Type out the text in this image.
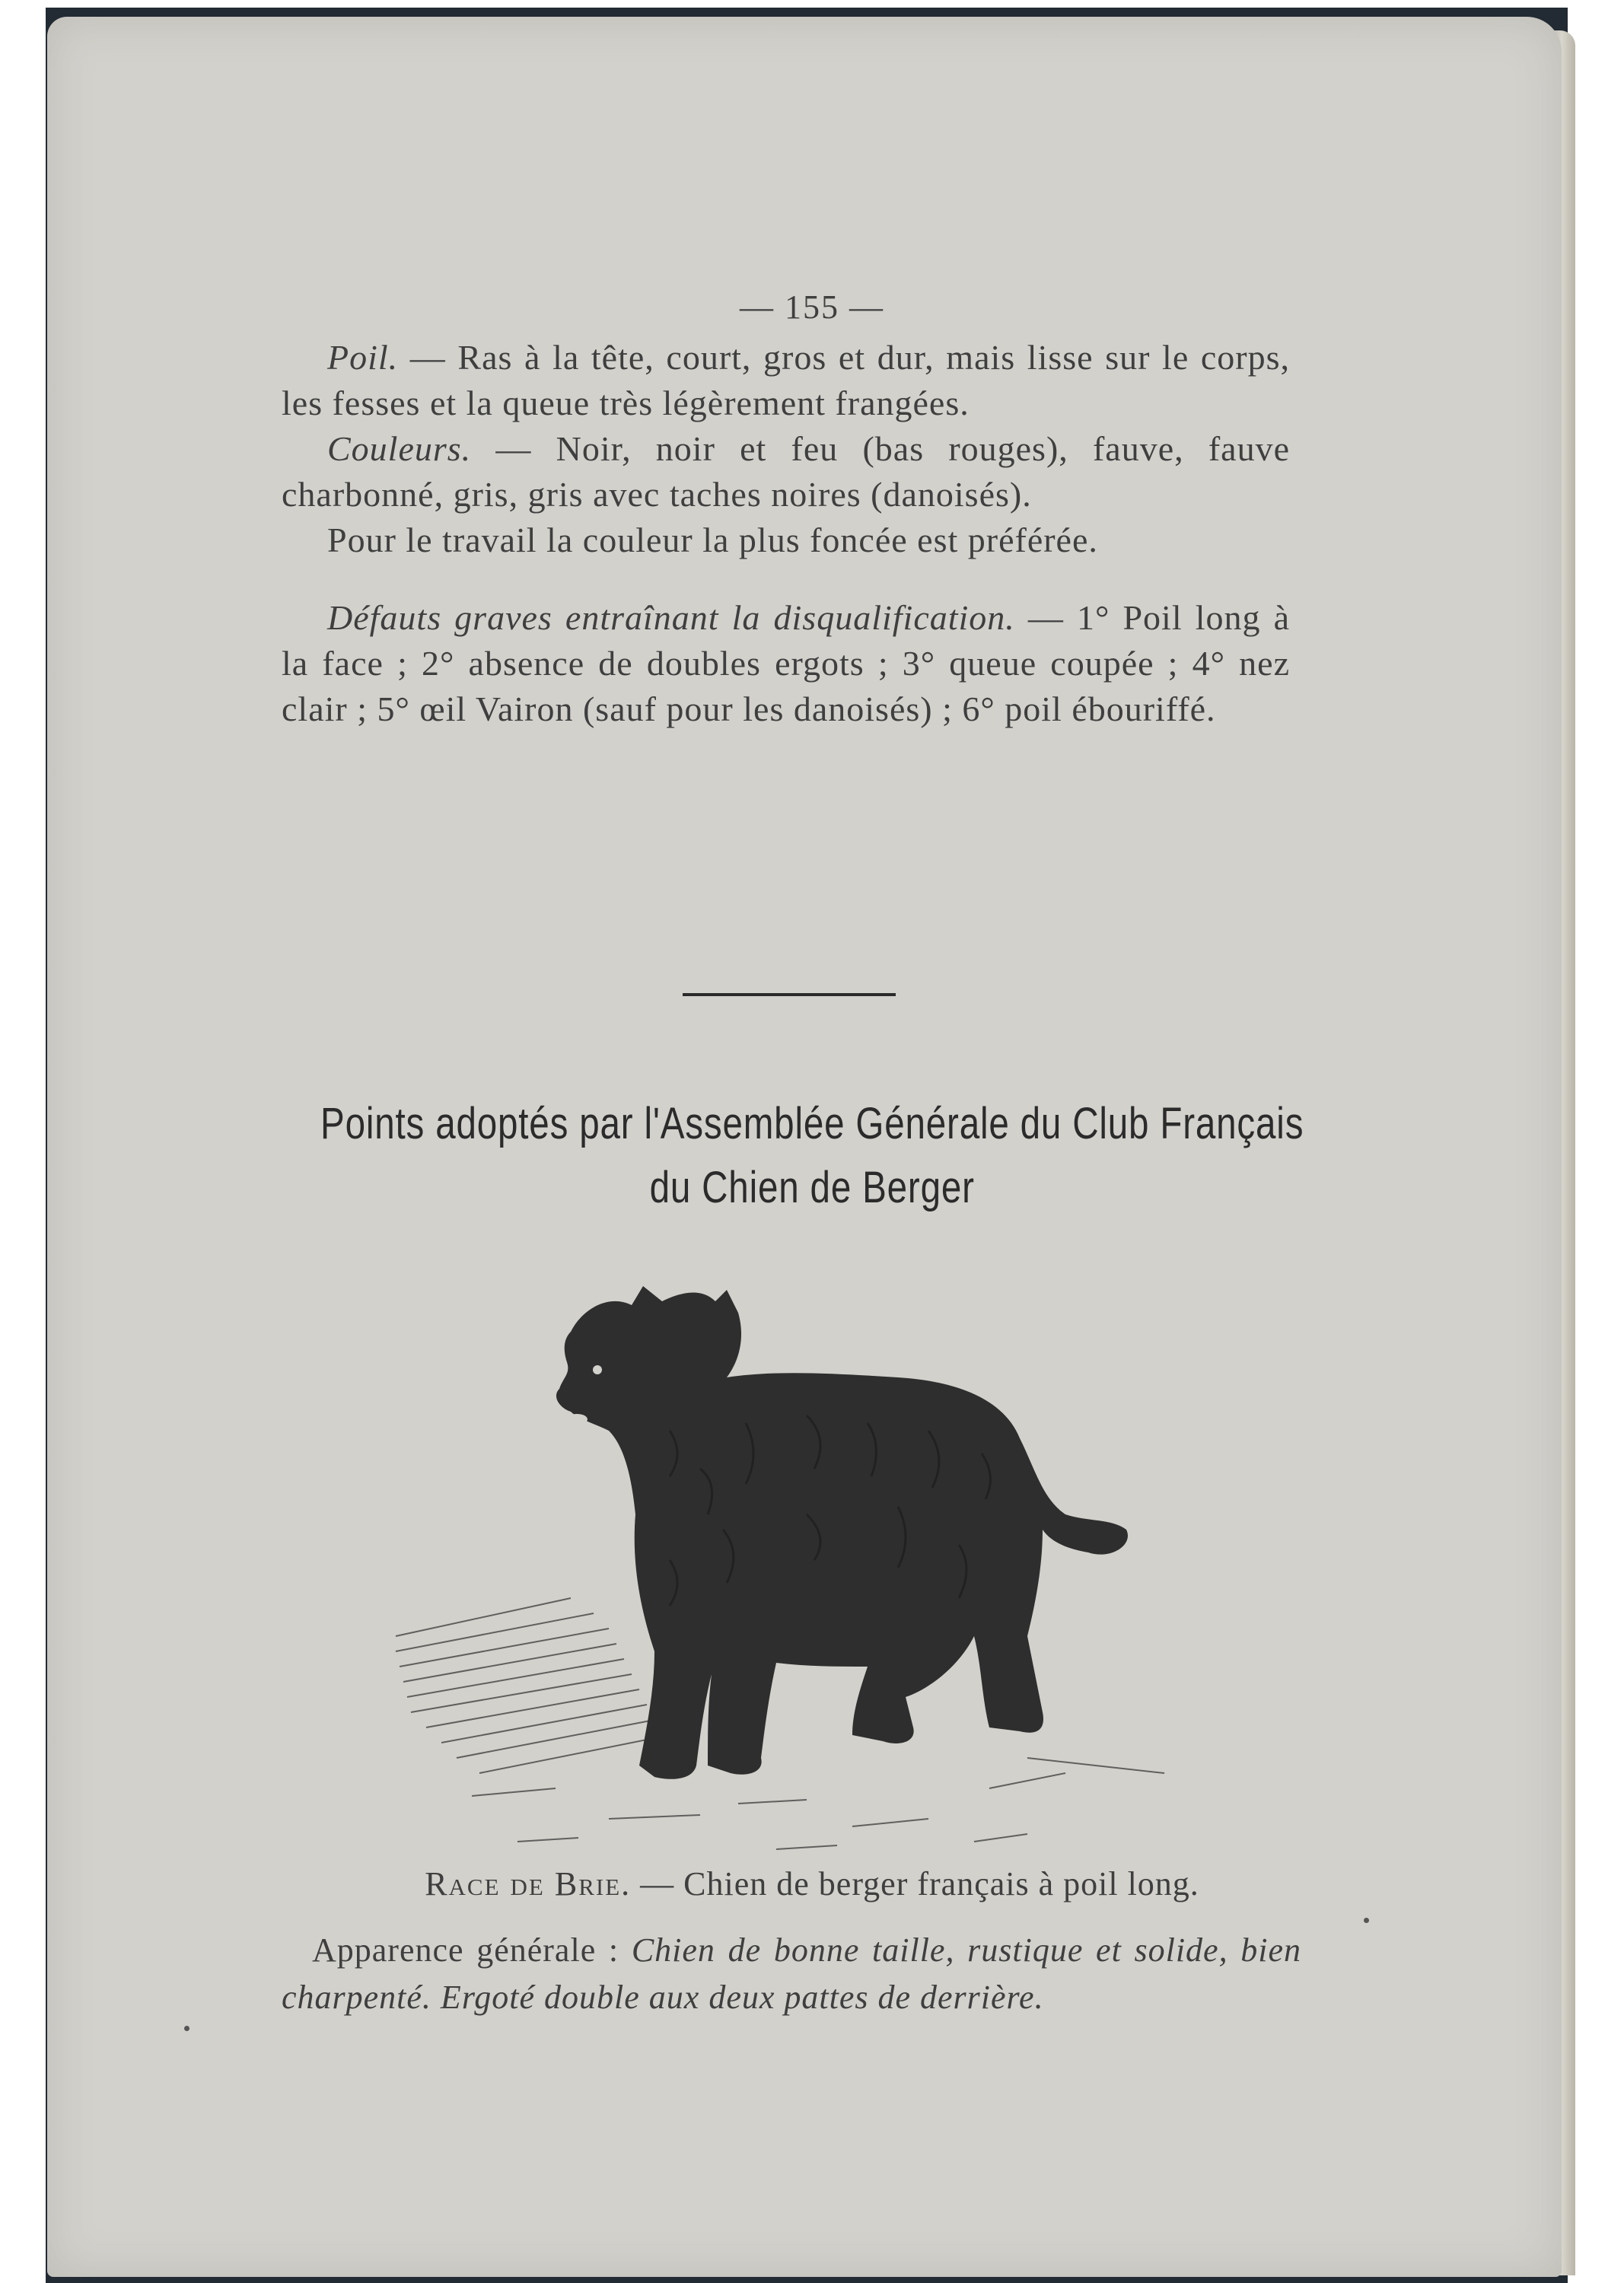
— 155 —

Poil. — Ras à la tête, court, gros et dur, mais lisse sur le corps, les fesses et la queue très légèrement frangées.

Couleurs. — Noir, noir et feu (bas rouges), fauve, fauve charbonné, gris, gris avec taches noires (danoisés).

Pour le travail la couleur la plus foncée est préférée.

Défauts graves entraînant la disqualification. — 1° Poil long à la face ; 2° absence de doubles ergots ; 3° queue coupée ; 4° nez clair ; 5° œil Vairon (sauf pour les danoisés) ; 6° poil ébouriffé.

Points adoptés par l'Assemblée Générale du Club Français
du Chien de Berger
Race de Brie. — Chien de berger français à poil long.
Apparence générale : Chien de bonne taille, rustique et solide, bien charpenté. Ergoté double aux deux pattes de derrière.
